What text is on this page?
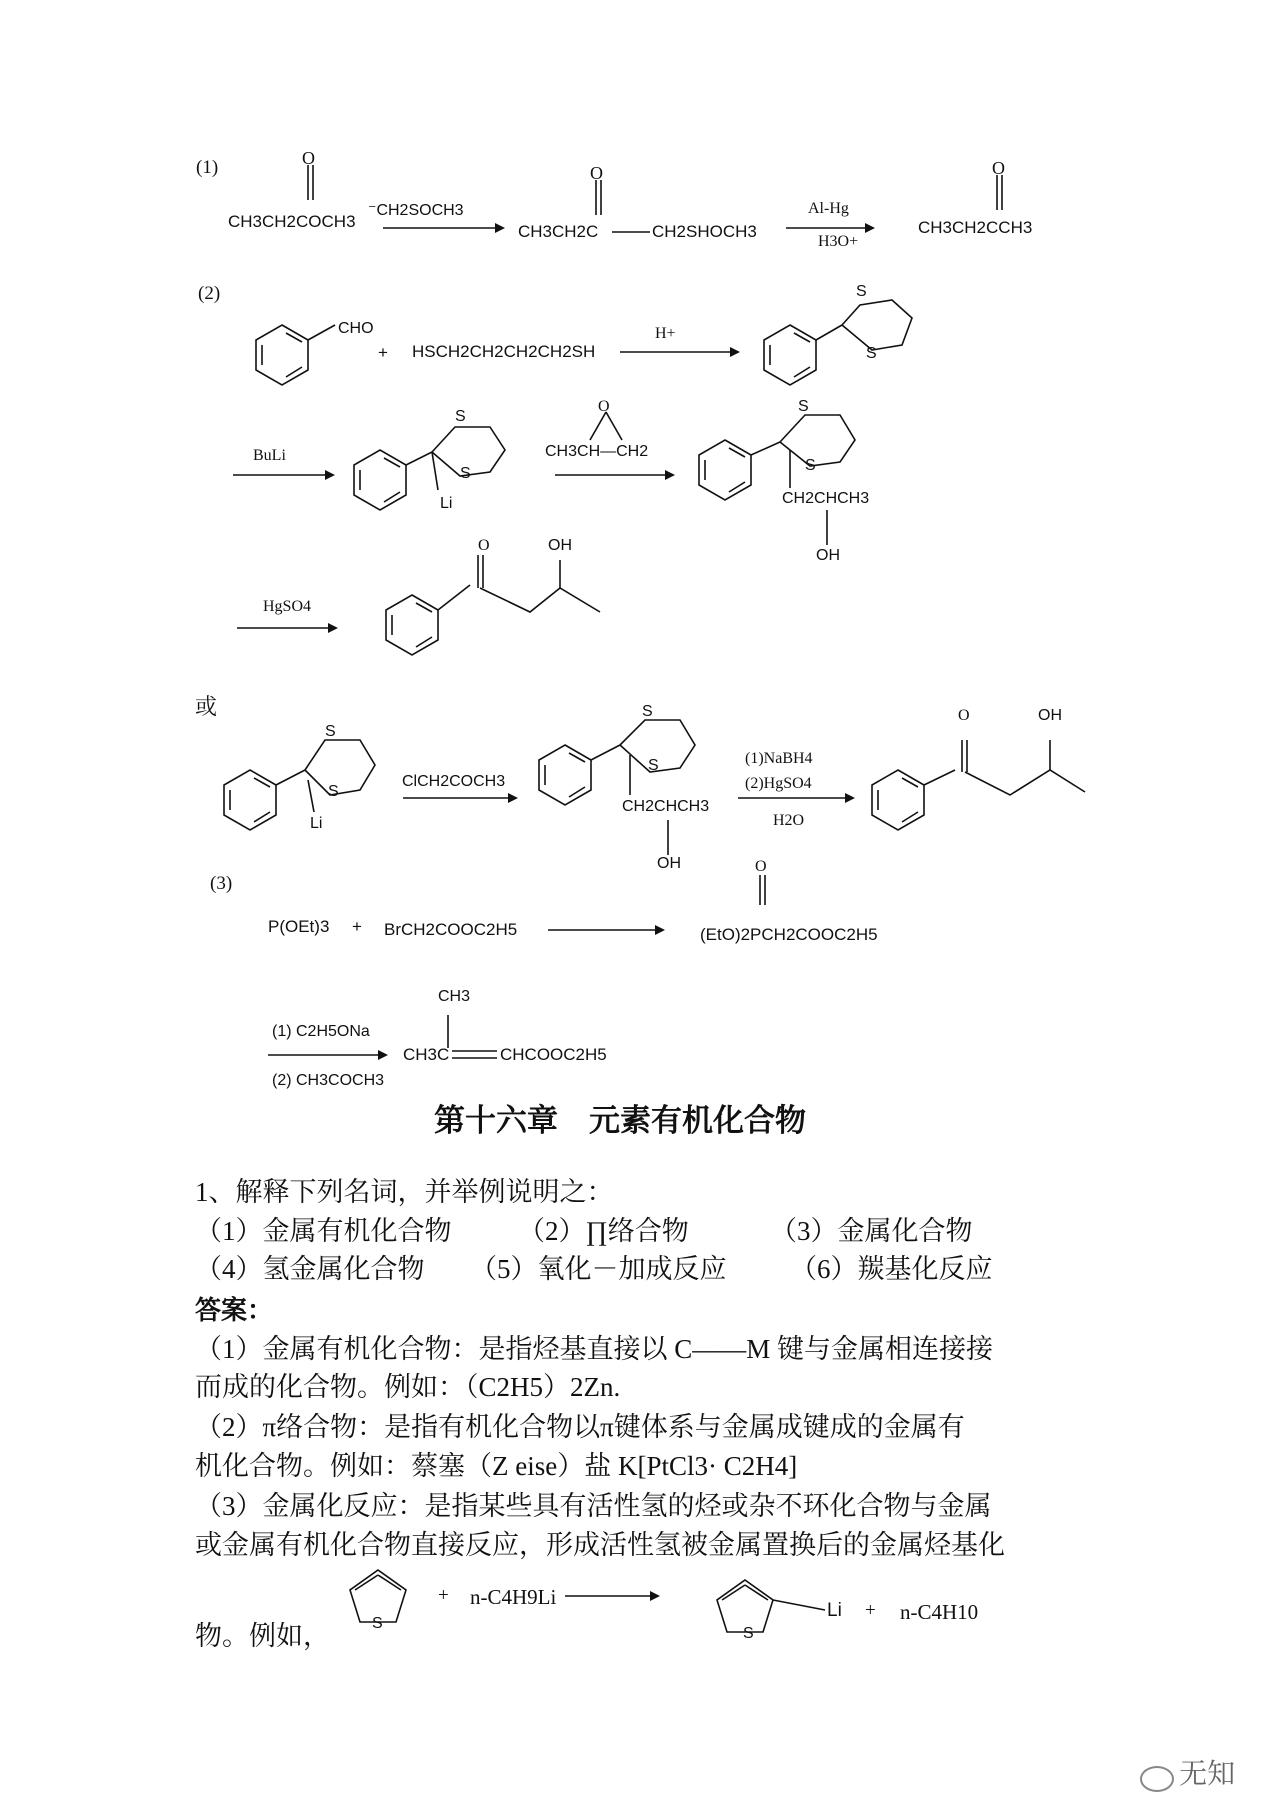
(1)	O
CH3CH2COCH3
⁻CH2SOCH3
O
CH3CH2C	CH2SHOCH3
Al-Hg
H3O+
O
CH3CH2CCH3
(2)
CHO
+ HSCH2CH2CH2CH2SH
H+
S
S
BuLi
S
S
Li
O
CH3CH—CH2
S
S
CH2CHCH3
OH
HgSO4
O	OH
或
S
S
Li
ClCH2COCH3
S
S
CH2CHCH3
OH
(1)NaBH4
(2)HgSO4
H2O
O	OH
(3)
P(OEt)3 + BrCH2COOC2H5
O
(EtO)2PCH2COOC2H5
CH3
(1) C2H5ONa
(2) CH3COCH3
CH3C	CHCOOC2H5
第十六章　元素有机化合物
1、解释下列名词，并举例说明之：
（1）金属有机化合物 （2）∏络合物	（3）金属化合物
（4）氢金属化合物 （5）氧化－加成反应 （6）羰基化反应
答案：
（1）金属有机化合物：是指烃基直接以 C——M 键与金属相连接接
而成的化合物。例如：（C2H5）2Zn.
（2）π络合物：是指有机化合物以π键体系与金属成键成的金属有
机化合物。例如：蔡塞（Z eise）盐 K[PtCl3· C2H4]
（3）金属化反应：是指某些具有活性氢的烃或杂不环化合物与金属
或金属有机化合物直接反应，形成活性氢被金属置换后的金属烃基化
物。例如，	S
+ n-C4H9Li
S
Li + n-C4H10
无知
